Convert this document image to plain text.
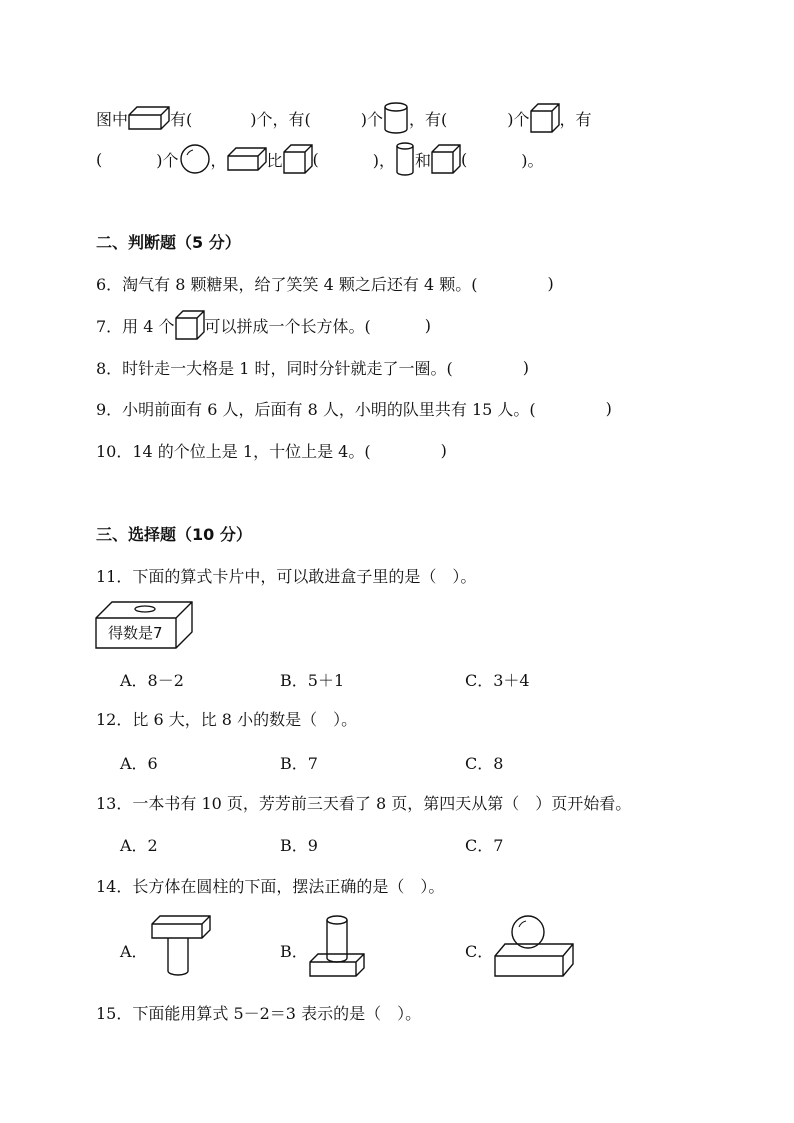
图中	有(	)个，有(	)个 ，有(	)个 ，有
(	)个 ，	比 (	)， 和 (	)。
二、判断题（5 分）
6．淘气有 8 颗糖果，给了笑笑 4 颗之后还有 4 颗。(	)
7．用 4 个 可以拼成一个长方体。(	)
8．时针走一大格是 1 时，同时分针就走了一圈。(	)
9．小明前面有 6 人，后面有 8 人，小明的队里共有 15 人。(	)
10．14 的个位上是 1，十位上是 4。(	)
三、选择题（10 分）
11．下面的算式卡片中，可以敢进盒子里的是（　）。
得数是7
A．8－2	B．5＋1	C．3＋4
12．比 6 大，比 8 小的数是（　）。
A．6	B．7	C．8
13．一本书有 10 页，芳芳前三天看了 8 页，第四天从第（　）页开始看。
A．2	B．9	C．7
14．长方体在圆柱的下面，摆法正确的是（　）。
A．	B．	C．
15．下面能用算式 5－2＝3 表示的是（　）。
